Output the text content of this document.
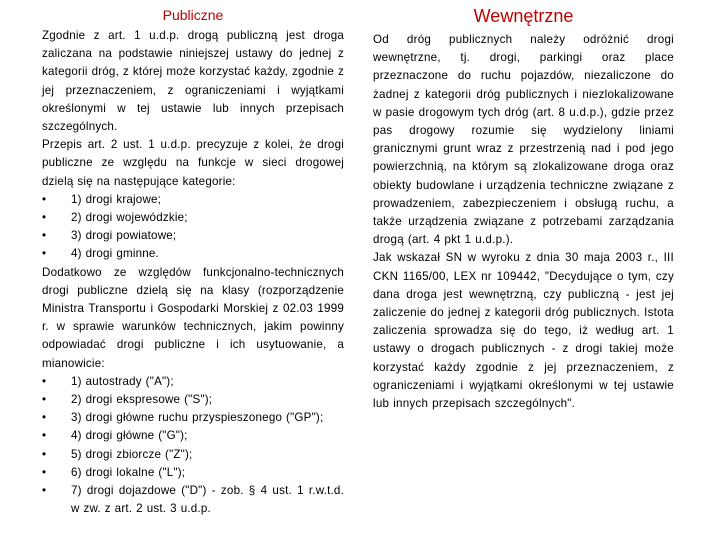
Publiczne	Wewnętrzne

Zgodnie z art. 1 u.d.p. drogą publiczną jest droga zaliczana na podstawie niniejszej ustawy do jednej z kategorii dróg, z której może korzystać każdy, zgodnie z jej przeznaczeniem, z ograniczeniami i wyjątkami określonymi w tej ustawie lub innych przepisach szczególnych.

Przepis art. 2 ust. 1 u.d.p. precyzuje z kolei, że drogi publiczne ze względu na funkcje w sieci drogowej dzielą się na następujące kategorie:

• 1) drogi krajowe;
• 2) drogi wojewódzkie;
• 3) drogi powiatowe;
• 4) drogi gminne.

Dodatkowo ze względów funkcjonalno-technicznych drogi publiczne dzielą się na klasy (rozporządzenie Ministra Transportu i Gospodarki Morskiej z 02.03 1999 r. w sprawie warunków technicznych, jakim powinny odpowiadać drogi publiczne i ich usytuowanie, a mianowicie:

• 1) autostrady ("A");
• 2) drogi ekspresowe ("S");
• 3) drogi główne ruchu przyspieszonego ("GP");
• 4) drogi główne ("G");
• 5) drogi zbiorcze ("Z");
• 6) drogi lokalne ("L");
• 7) drogi dojazdowe ("D") - zob. § 4 ust. 1 r.w.t.d. w zw. z art. 2 ust. 3 u.d.p.

Od dróg publicznych należy odróżnić drogi wewnętrzne, tj. drogi, parkingi oraz place przeznaczone do ruchu pojazdów, niezaliczone do żadnej z kategorii dróg publicznych i niezlokalizowane w pasie drogowym tych dróg (art. 8 u.d.p.), gdzie przez pas drogowy rozumie się wydzielony liniami granicznymi grunt wraz z przestrzenią nad i pod jego powierzchnią, na którym są zlokalizowane droga oraz obiekty budowlane i urządzenia techniczne związane z prowadzeniem, zabezpieczeniem i obsługą ruchu, a także urządzenia związane z potrzebami zarządzania drogą (art. 4 pkt 1 u.d.p.).

Jak wskazał SN w wyroku z dnia 30 maja 2003 r., III CKN 1165/00, LEX nr 109442, "Decydujące o tym, czy dana droga jest wewnętrzną, czy publiczną - jest jej zaliczenie do jednej z kategorii dróg publicznych. Istota zaliczenia sprowadza się do tego, iż według art. 1 ustawy o drogach publicznych - z drogi takiej może korzystać każdy zgodnie z jej przeznaczeniem, z ograniczeniami i wyjątkami określonymi w tej ustawie lub innych przepisach szczególnych".
